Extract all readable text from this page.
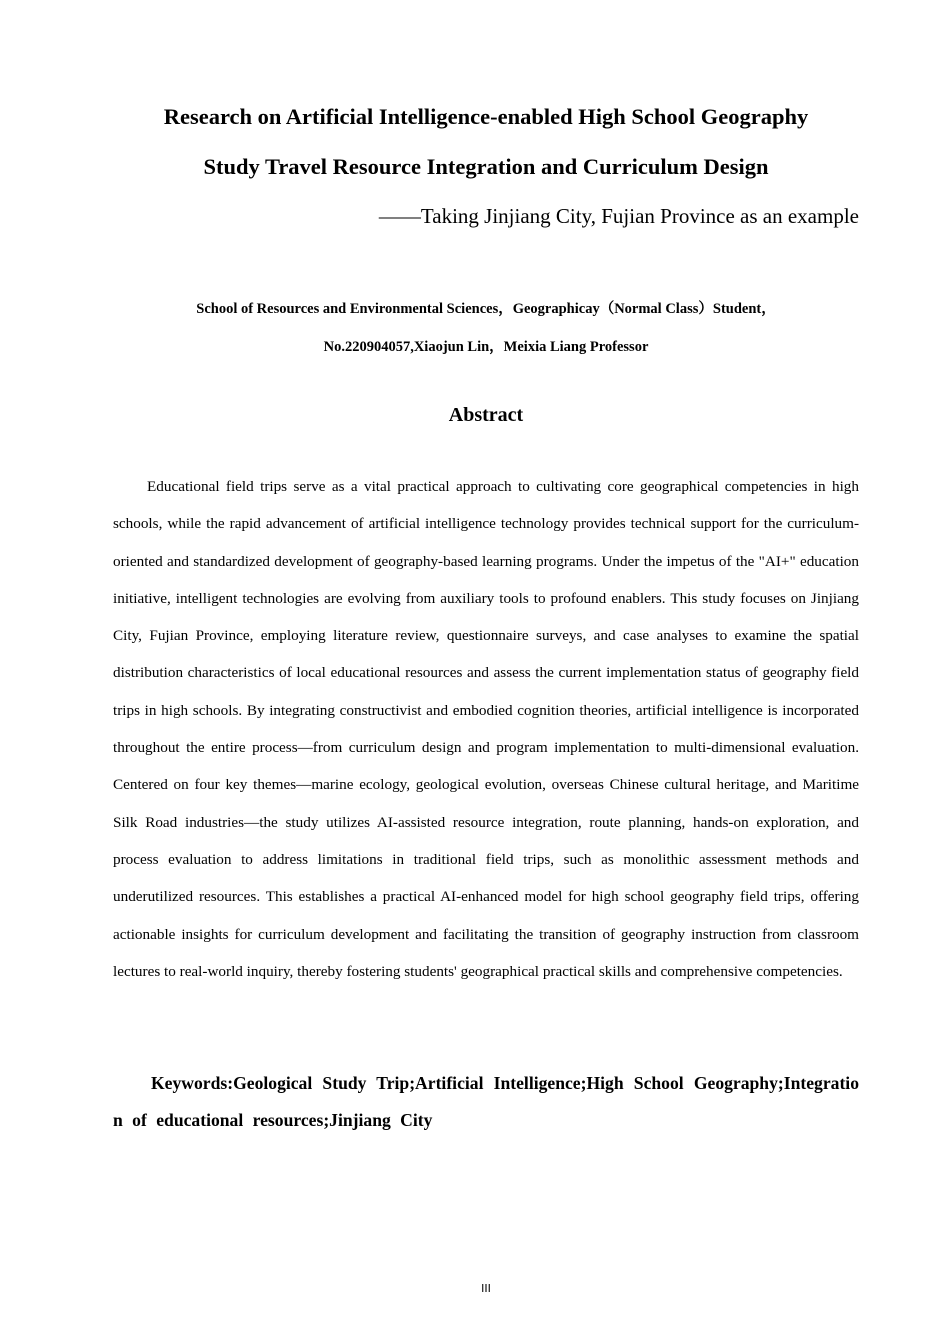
Research on Artificial Intelligence-enabled High School Geography
Study Travel Resource Integration and Curriculum Design
——Taking Jinjiang City, Fujian Province as an example
School of Resources and Environmental Sciences，Geographicay（Normal Class）Student，
No.220904057,Xiaojun Lin，Meixia Liang Professor
Abstract

Educational field trips serve as a vital practical approach to cultivating core geographical competencies in high schools, while the rapid advancement of artificial intelligence technology provides technical support for the curriculum-oriented and standardized development of geography-based learning programs. Under the impetus of the "AI+" education initiative, intelligent technologies are evolving from auxiliary tools to profound enablers. This study focuses on Jinjiang City, Fujian Province, employing literature review, questionnaire surveys, and case analyses to examine the spatial distribution characteristics of local educational resources and assess the current implementation status of geography field trips in high schools. By integrating constructivist and embodied cognition theories, artificial intelligence is incorporated throughout the entire process—from curriculum design and program implementation to multi-dimensional evaluation. Centered on four key themes—marine ecology, geological evolution, overseas Chinese cultural heritage, and Maritime Silk Road industries—the study utilizes AI-assisted resource integration, route planning, hands-on exploration, and process evaluation to address limitations in traditional field trips, such as monolithic assessment methods and underutilized resources. This establishes a practical AI-enhanced model for high school geography field trips, offering actionable insights for curriculum development and facilitating the transition of geography instruction from classroom lectures to real-world inquiry, thereby fostering students' geographical practical skills and comprehensive competencies.

Keywords:Geological Study Trip;Artificial Intelligence;High School Geography;Integration of educational resources;Jinjiang City

III
